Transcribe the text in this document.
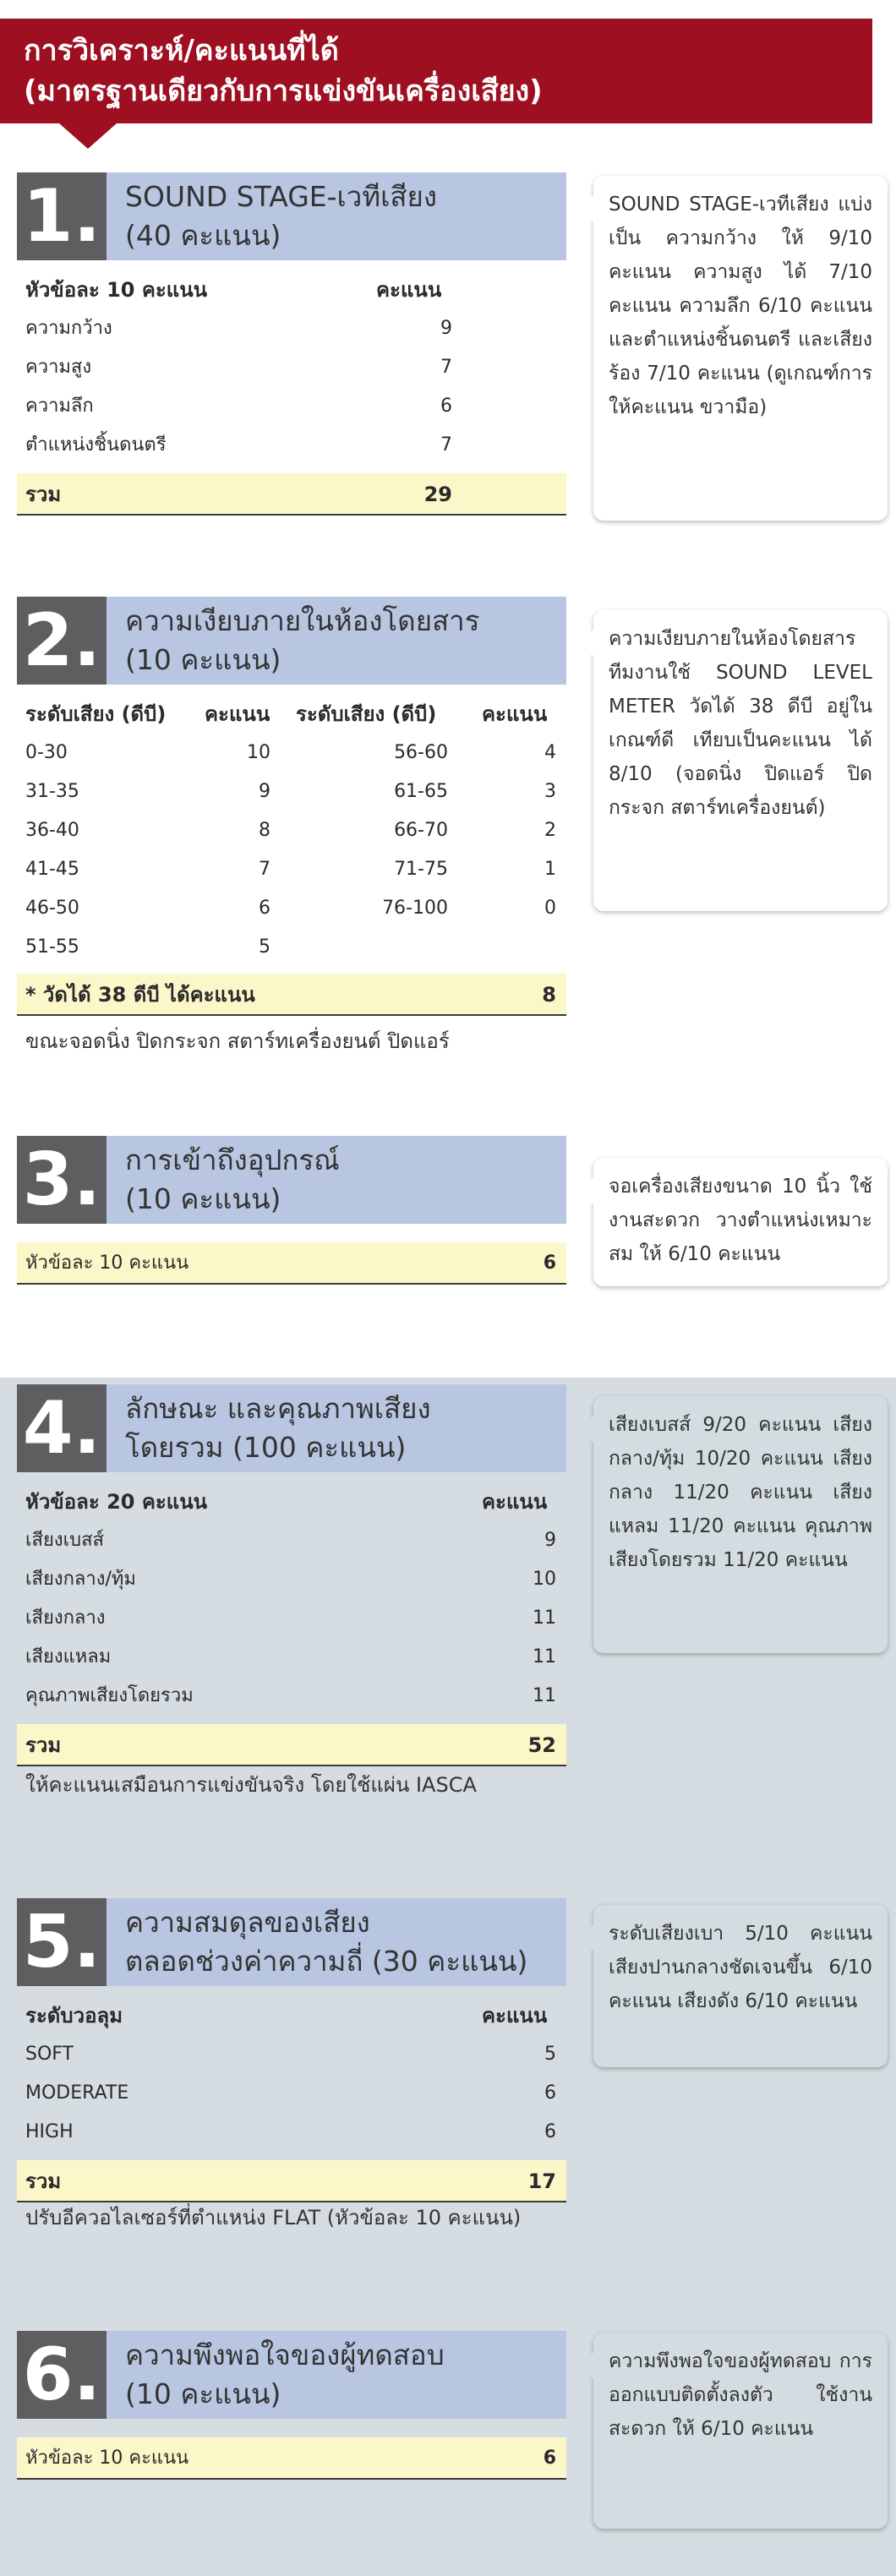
การวิเคราะห์/คะแนนที่ได้
(มาตรฐานเดียวกับการแข่งขันเครื่องเสียง)
1. SOUND STAGE-เวทีเสียง
(40 คะแนน)
หัวข้อละ 10 คะแนน	คะแนน
ความกว้าง	9
ความสูง	7
ความลึก	6
ตำแหน่งชิ้นดนตรี	7
รวม	29
SOUND STAGE-เวทีเสียง แบ่งเป็น ความกว้าง ให้ 9/10 คะแนน ความสูง ได้ 7/10 คะแนน ความลึก 6/10 คะแนน และตำแหน่งชิ้นดนตรี และเสียงร้อง 7/10 คะแนน (ดูเกณฑ์การให้คะแนน ขวามือ)
2. ความเงียบภายในห้องโดยสาร
(10 คะแนน)
ระดับเสียง (ดีบี) คะแนน ระดับเสียง (ดีบี) คะแนน
0-30	10	56-60	4
31-35	9	61-65	3
36-40	8	66-70	2
41-45	7	71-75	1
46-50	6	76-100	0
51-55	5
* วัดได้ 38 ดีบี ได้คะแนน	8
ขณะจอดนิ่ง ปิดกระจก สตาร์ทเครื่องยนต์ ปิดแอร์
ความเงียบภายในห้องโดยสาร ทีมงานใช้ SOUND LEVEL METER วัดได้ 38 ดีบี อยู่ในเกณฑ์ดี เทียบเป็นคะแนน ได้ 8/10 (จอดนิ่ง ปิดแอร์ ปิดกระจก สตาร์ทเครื่องยนต์)
3. การเข้าถึงอุปกรณ์
(10 คะแนน)
หัวข้อละ 10 คะแนน	6
จอเครื่องเสียงขนาด 10 นิ้ว ใช้งานสะดวก วางตำแหน่งเหมาะสม ให้ 6/10 คะแนน
4. ลักษณะ และคุณภาพเสียง
โดยรวม (100 คะแนน)
หัวข้อละ 20 คะแนน	คะแนน
เสียงเบสส์	9
เสียงกลาง/ทุ้ม	10
เสียงกลาง	11
เสียงแหลม	11
คุณภาพเสียงโดยรวม	11
รวม	52
ให้คะแนนเสมือนการแข่งขันจริง โดยใช้แผ่น IASCA
เสียงเบสส์ 9/20 คะแนน เสียงกลาง/ทุ้ม 10/20 คะแนน เสียงกลาง 11/20 คะแนน เสียงแหลม 11/20 คะแนน คุณภาพเสียงโดยรวม 11/20 คะแนน
5. ความสมดุลของเสียง
ตลอดช่วงค่าความถี่ (30 คะแนน)
ระดับวอลุม	คะแนน
SOFT	5
MODERATE	6
HIGH	6
รวม	17
ปรับอีควอไลเซอร์ที่ตำแหน่ง FLAT (หัวข้อละ 10 คะแนน)
ระดับเสียงเบา 5/10 คะแนน เสียงปานกลางชัดเจนขึ้น 6/10 คะแนน เสียงดัง 6/10 คะแนน
6. ความพึงพอใจของผู้ทดสอบ
(10 คะแนน)
หัวข้อละ 10 คะแนน	6
ความพึงพอใจของผู้ทดสอบ การออกแบบติดตั้งลงตัว ใช้งานสะดวก ให้ 6/10 คะแนน
